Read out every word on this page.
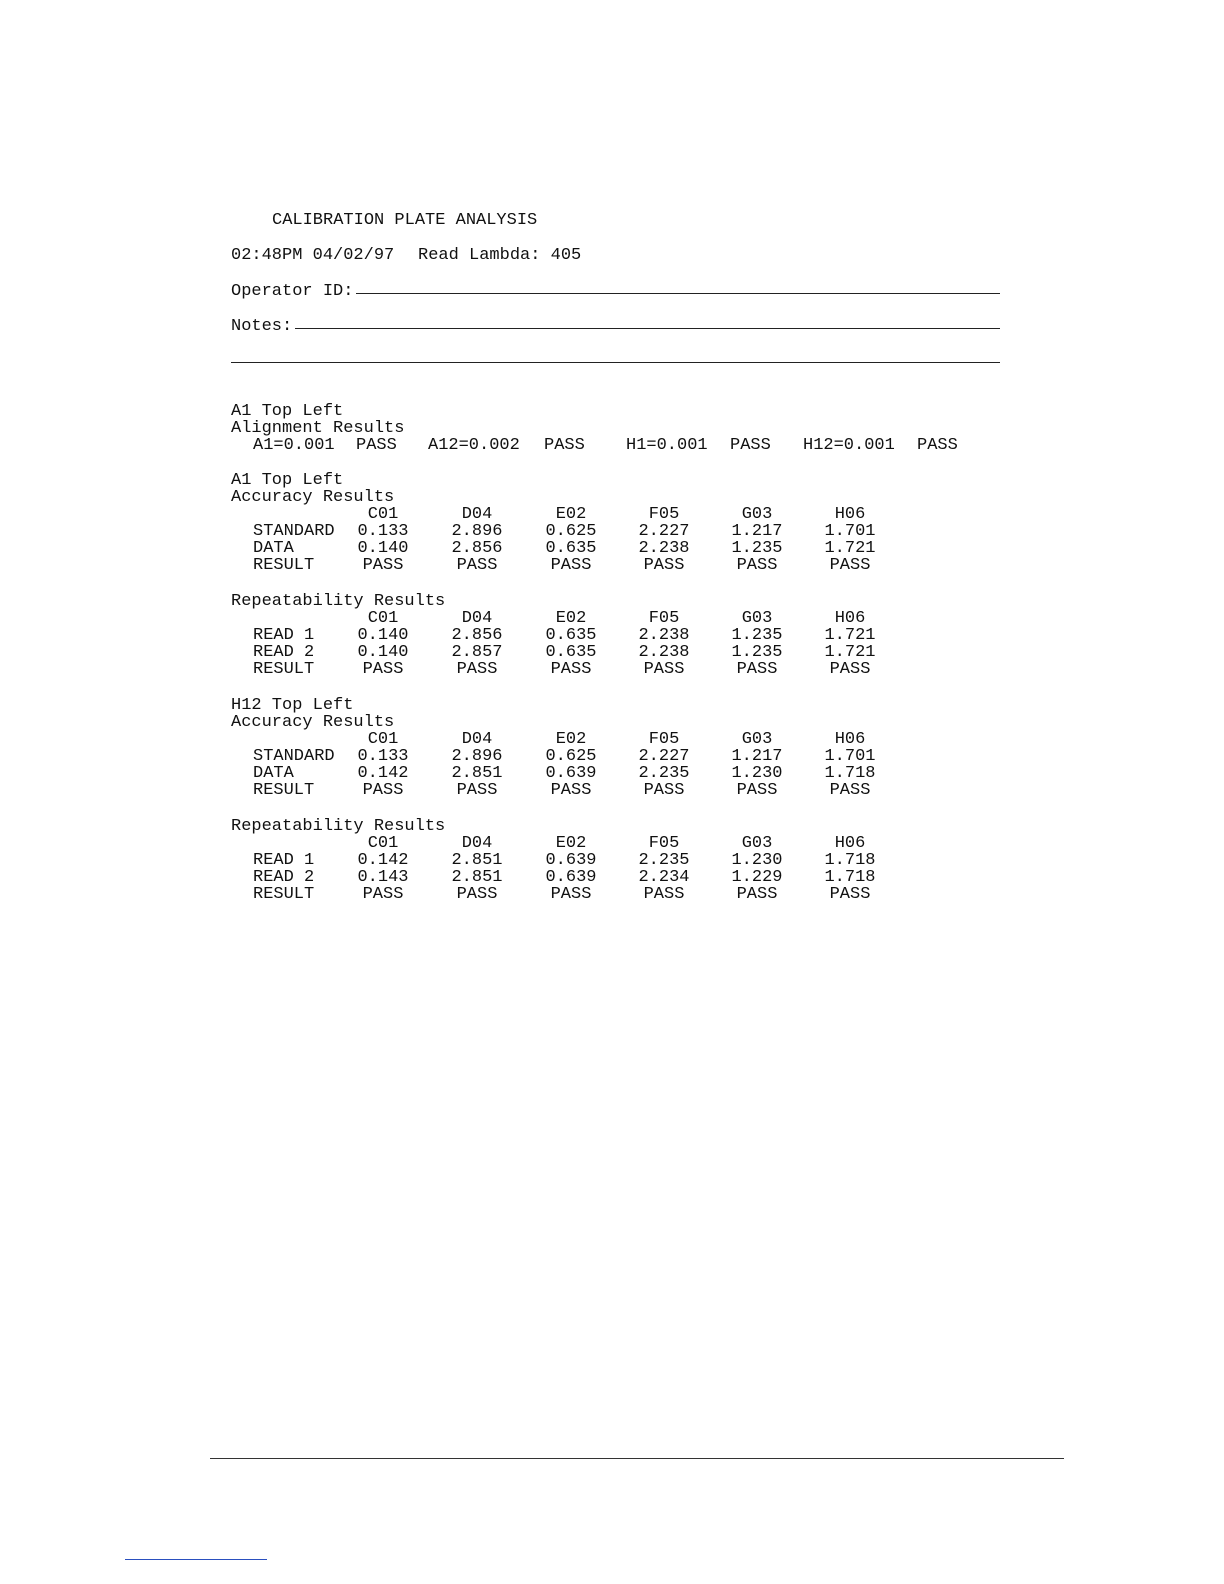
CALIBRATION PLATE ANALYSIS
02:48PM 04/02/97 Read Lambda: 405
Operator ID:
Notes:
A1 Top Left
Alignment Results
A1=0.001 PASS A12=0.002 PASS H1=0.001 PASS H12=0.001 PASS
A1 Top Left
Accuracy Results
C01	D04	E02	F05	G03	H06
STANDARD	0.133	2.896	0.625	2.227	1.217	1.701
DATA	0.140	2.856	0.635	2.238	1.235	1.721
RESULT	PASS	PASS	PASS	PASS	PASS	PASS
Repeatability Results
C01	D04	E02	F05	G03	H06
READ 1	0.140	2.856	0.635	2.238	1.235	1.721
READ 2	0.140	2.857	0.635	2.238	1.235	1.721
RESULT	PASS	PASS	PASS	PASS	PASS	PASS
H12 Top Left
Accuracy Results
C01	D04	E02	F05	G03	H06
STANDARD	0.133	2.896	0.625	2.227	1.217	1.701
DATA	0.142	2.851	0.639	2.235	1.230	1.718
RESULT	PASS	PASS	PASS	PASS	PASS	PASS
Repeatability Results
C01	D04	E02	F05	G03	H06
READ 1	0.142	2.851	0.639	2.235	1.230	1.718
READ 2	0.143	2.851	0.639	2.234	1.229	1.718
RESULT	PASS	PASS	PASS	PASS	PASS	PASS
